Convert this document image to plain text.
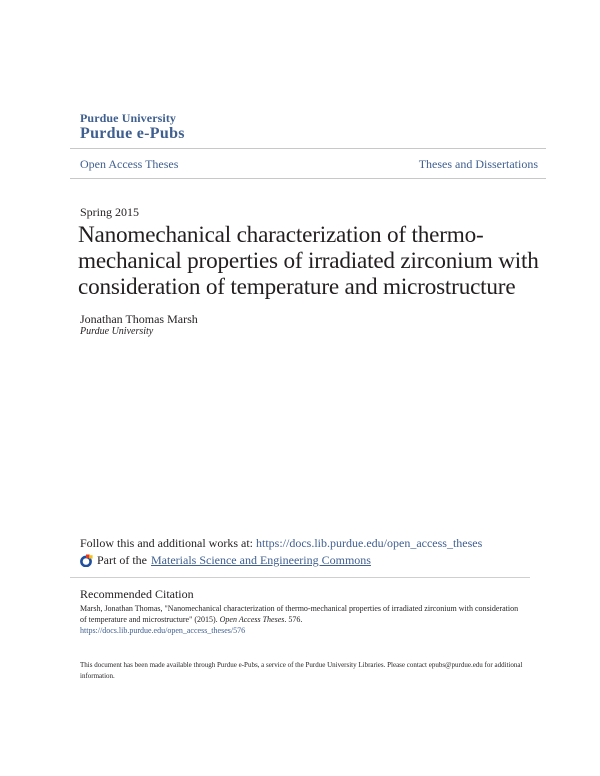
Purdue University
Purdue e-Pubs
Open Access Theses	Theses and Dissertations
Spring 2015
Nanomechanical characterization of thermo-mechanical properties of irradiated zirconium with consideration of temperature and microstructure
Jonathan Thomas Marsh
Purdue University
Follow this and additional works at: https://docs.lib.purdue.edu/open_access_theses
Part of the Materials Science and Engineering Commons
Recommended Citation
Marsh, Jonathan Thomas, "Nanomechanical characterization of thermo-mechanical properties of irradiated zirconium with consideration of temperature and microstructure" (2015). Open Access Theses. 576.
https://docs.lib.purdue.edu/open_access_theses/576
This document has been made available through Purdue e-Pubs, a service of the Purdue University Libraries. Please contact epubs@purdue.edu for additional information.
